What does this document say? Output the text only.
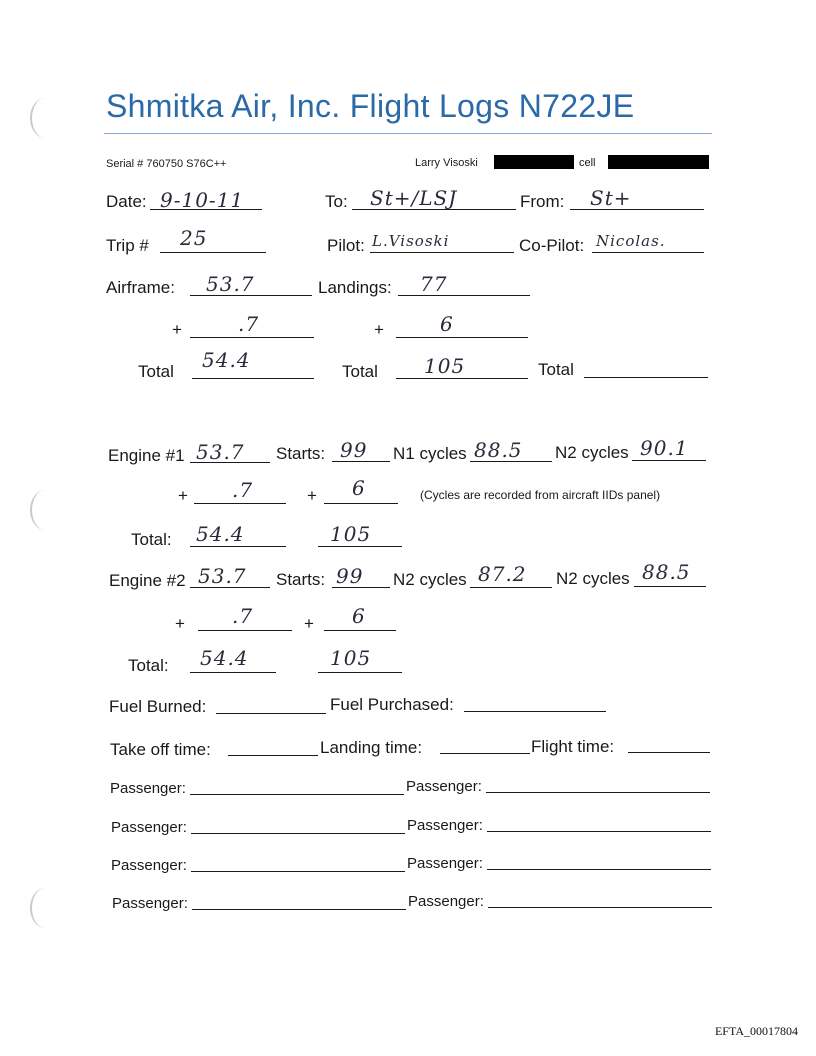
Shmitka Air, Inc. Flight Logs N722JE
Serial # 760750 S76C++	Larry Visoski	cell
Date: 9-10-11	To: St+/LSJ	From: St+
Trip # 25	Pilot: L.Visoski	Co-Pilot: Nicolas.
Airframe: 53.7	Landings: 77
+	.7	+	6
Total 54.4	Total 105	Total
Engine #1 53.7 Starts: 99 N1 cycles 88.5 N2 cycles 90.1
+ .7	+ 6	(Cycles are recorded from aircraft IIDs panel)
Total: 54.4	105
Engine #2 53.7 Starts: 99 N2 cycles 87.2 N2 cycles 88.5
+ .7	+ 6
Total: 54.4	105
Fuel Burned:	Fuel Purchased:
Take off time:	Landing time:	Flight time:
Passenger:	Passenger:
Passenger:	Passenger:
Passenger:	Passenger:
Passenger:	Passenger:
EFTA_00017804
